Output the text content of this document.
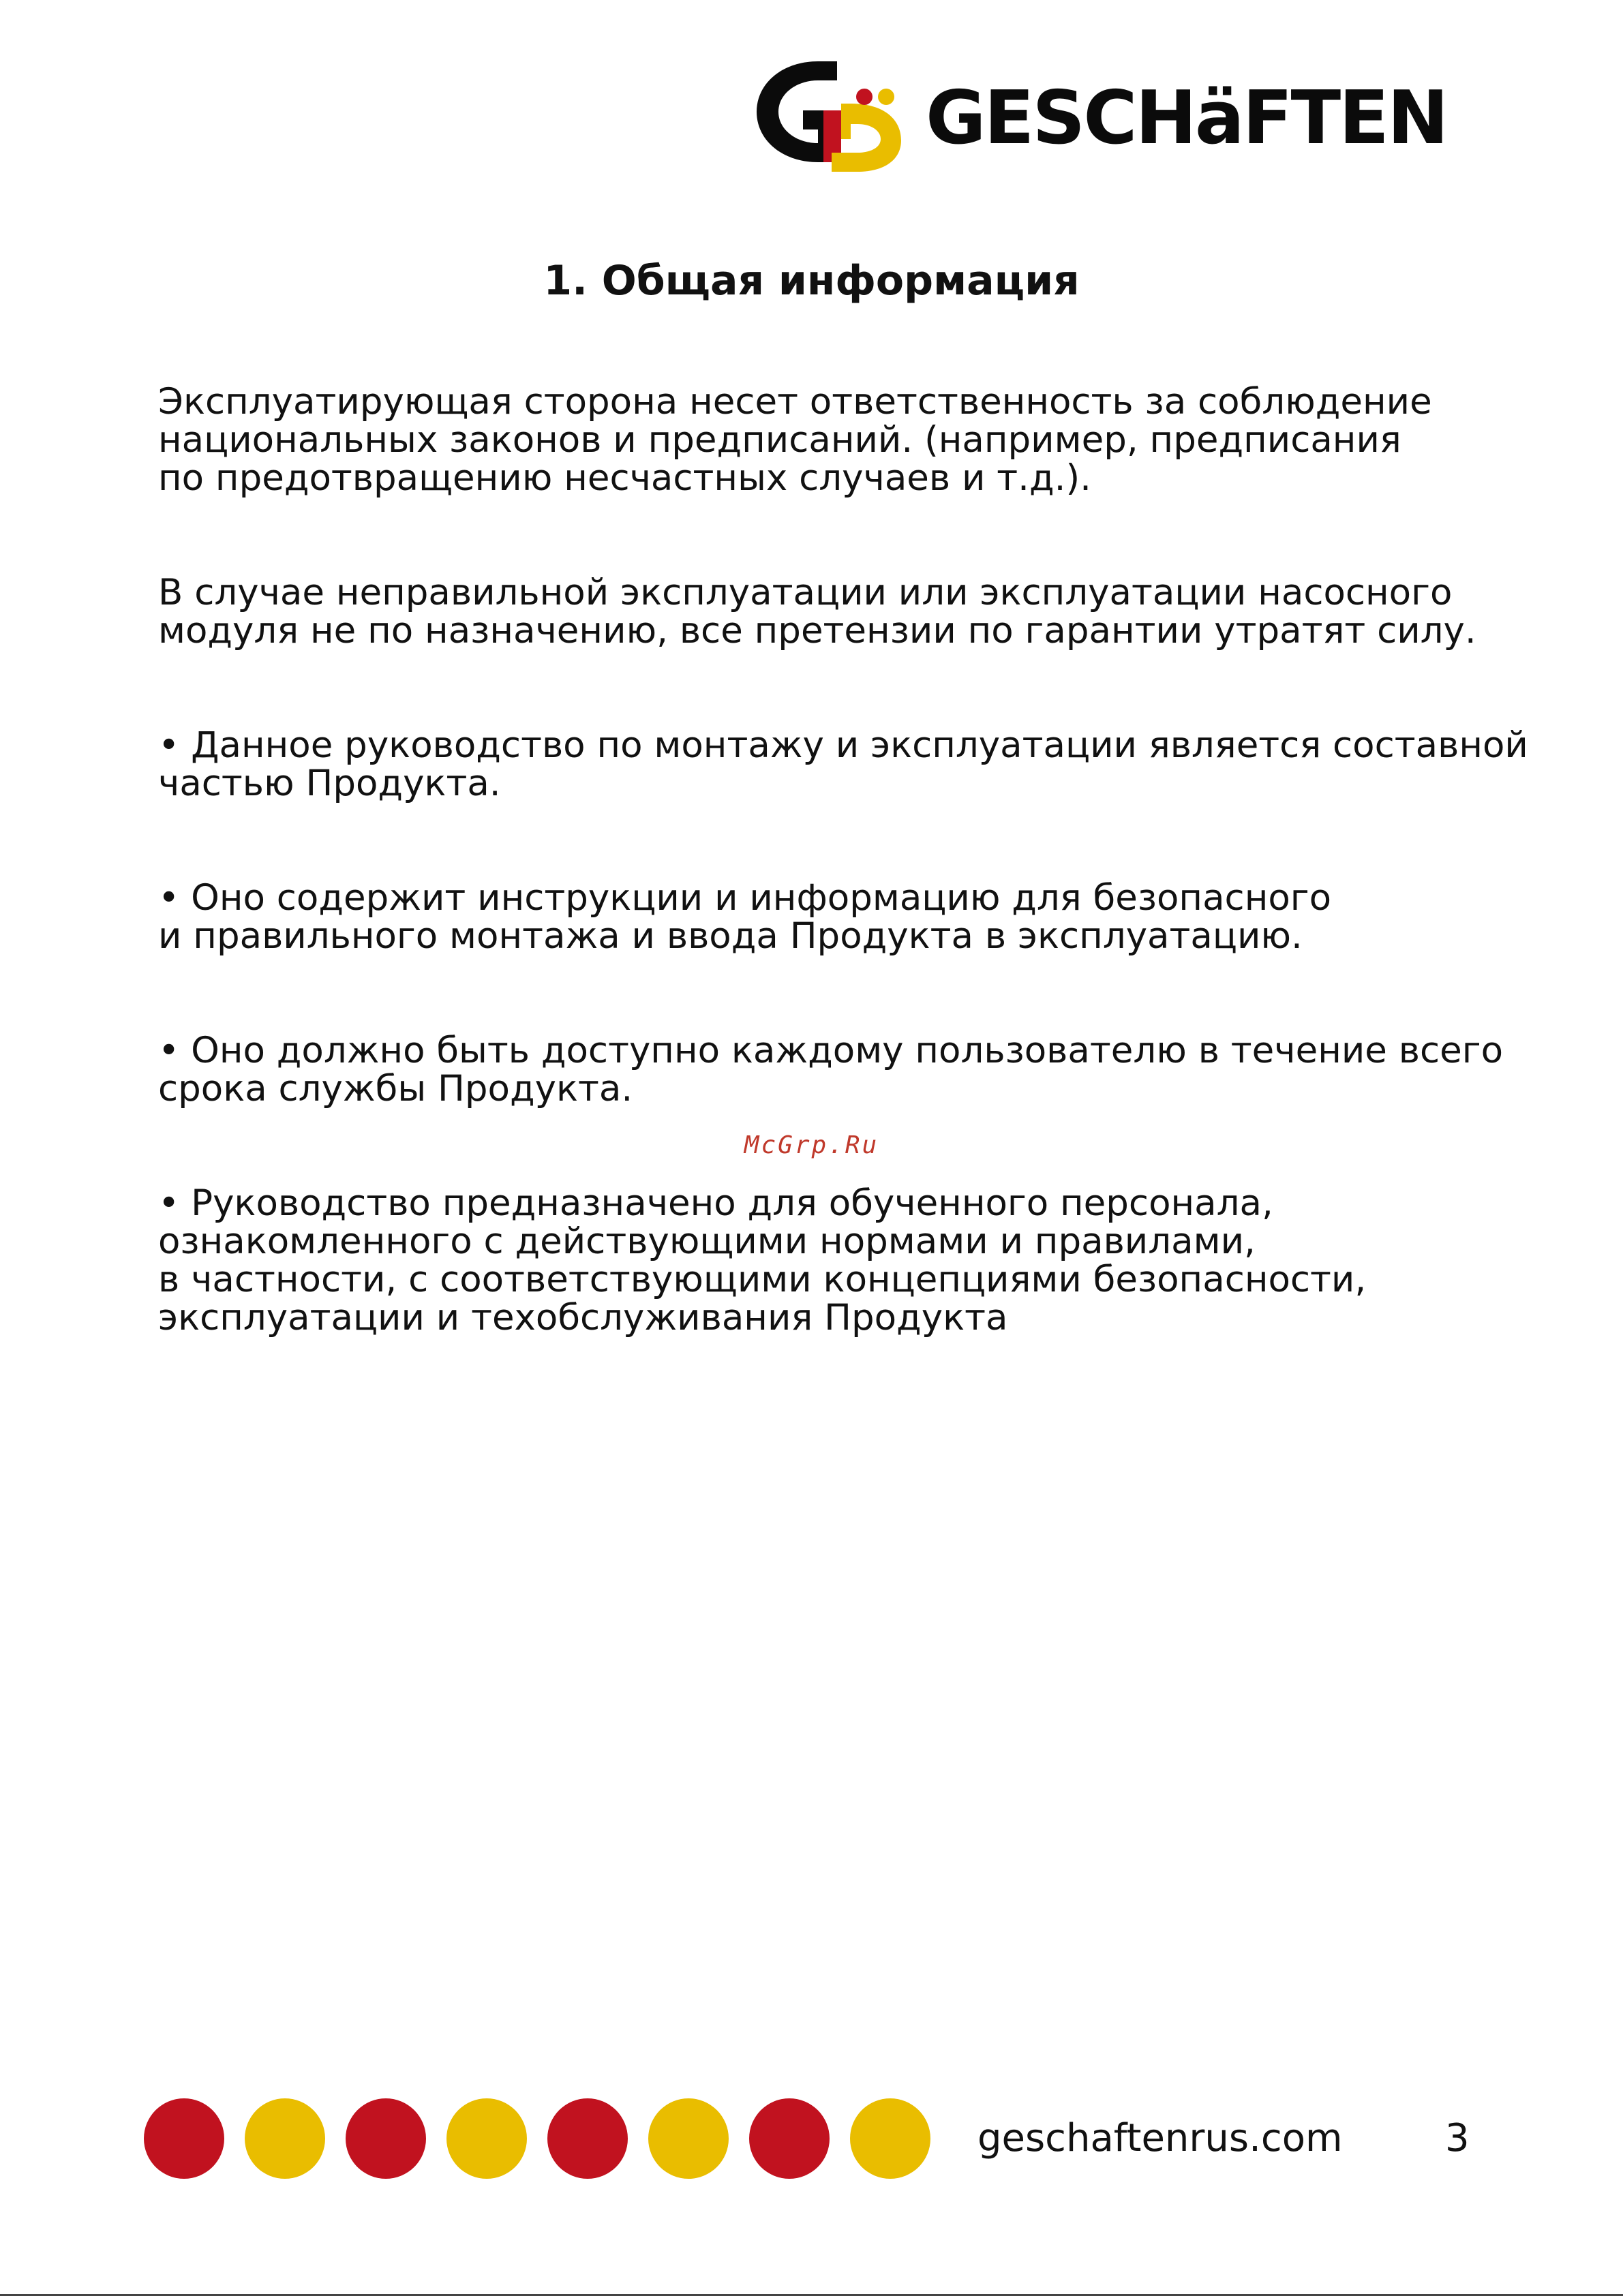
GESCHäFTEN
1. Общая информация

Эксплуатирующая сторона несет ответственность за соблюдение
национальных законов и предписаний. (например, предписания
по предотвращению несчастных случаев и т.д.).

В случае неправильной эксплуатации или эксплуатации насосного
модуля не по назначению, все претензии по гарантии утратят силу.

• Данное руководство по монтажу и эксплуатации является составной
частью Продукта.

• Оно содержит инструкции и информацию для безопасного
и правильного монтажа и ввода Продукта в эксплуатацию.

• Оно должно быть доступно каждому пользователю в течение всего
срока службы Продукта.

• Руководство предназначено для обученного персонала,
ознакомленного с действующими нормами и правилами,
в частности, с соответствующими концепциями безопасности,
эксплуатации и техобслуживания Продукта

McGrp.Ru
geschaftenrus.com	3
